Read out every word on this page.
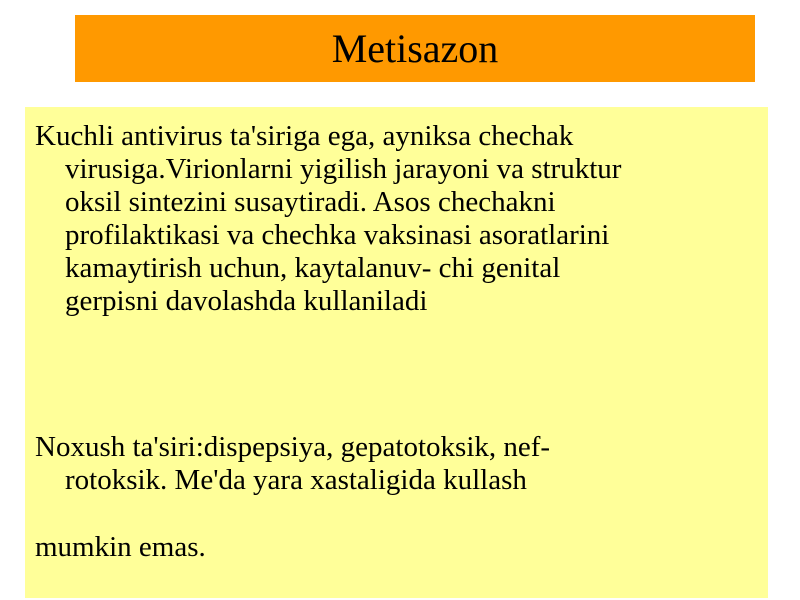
Metisazon

Kuchli antivirus ta'siriga ega, ayniksa chechak
virusiga.Virionlarni yigilish jarayoni va struktur
oksil sintezini susaytiradi. Asos chechakni
profilaktikasi va chechka vaksinasi asoratlarini
kamaytirish uchun, kaytalanuv- chi genital
gerpisni davolashda kullaniladi

Noxush ta'siri:dispepsiya, gepatotoksik, nef-
rotoksik. Me'da yara xastaligida kullash

mumkin emas.
